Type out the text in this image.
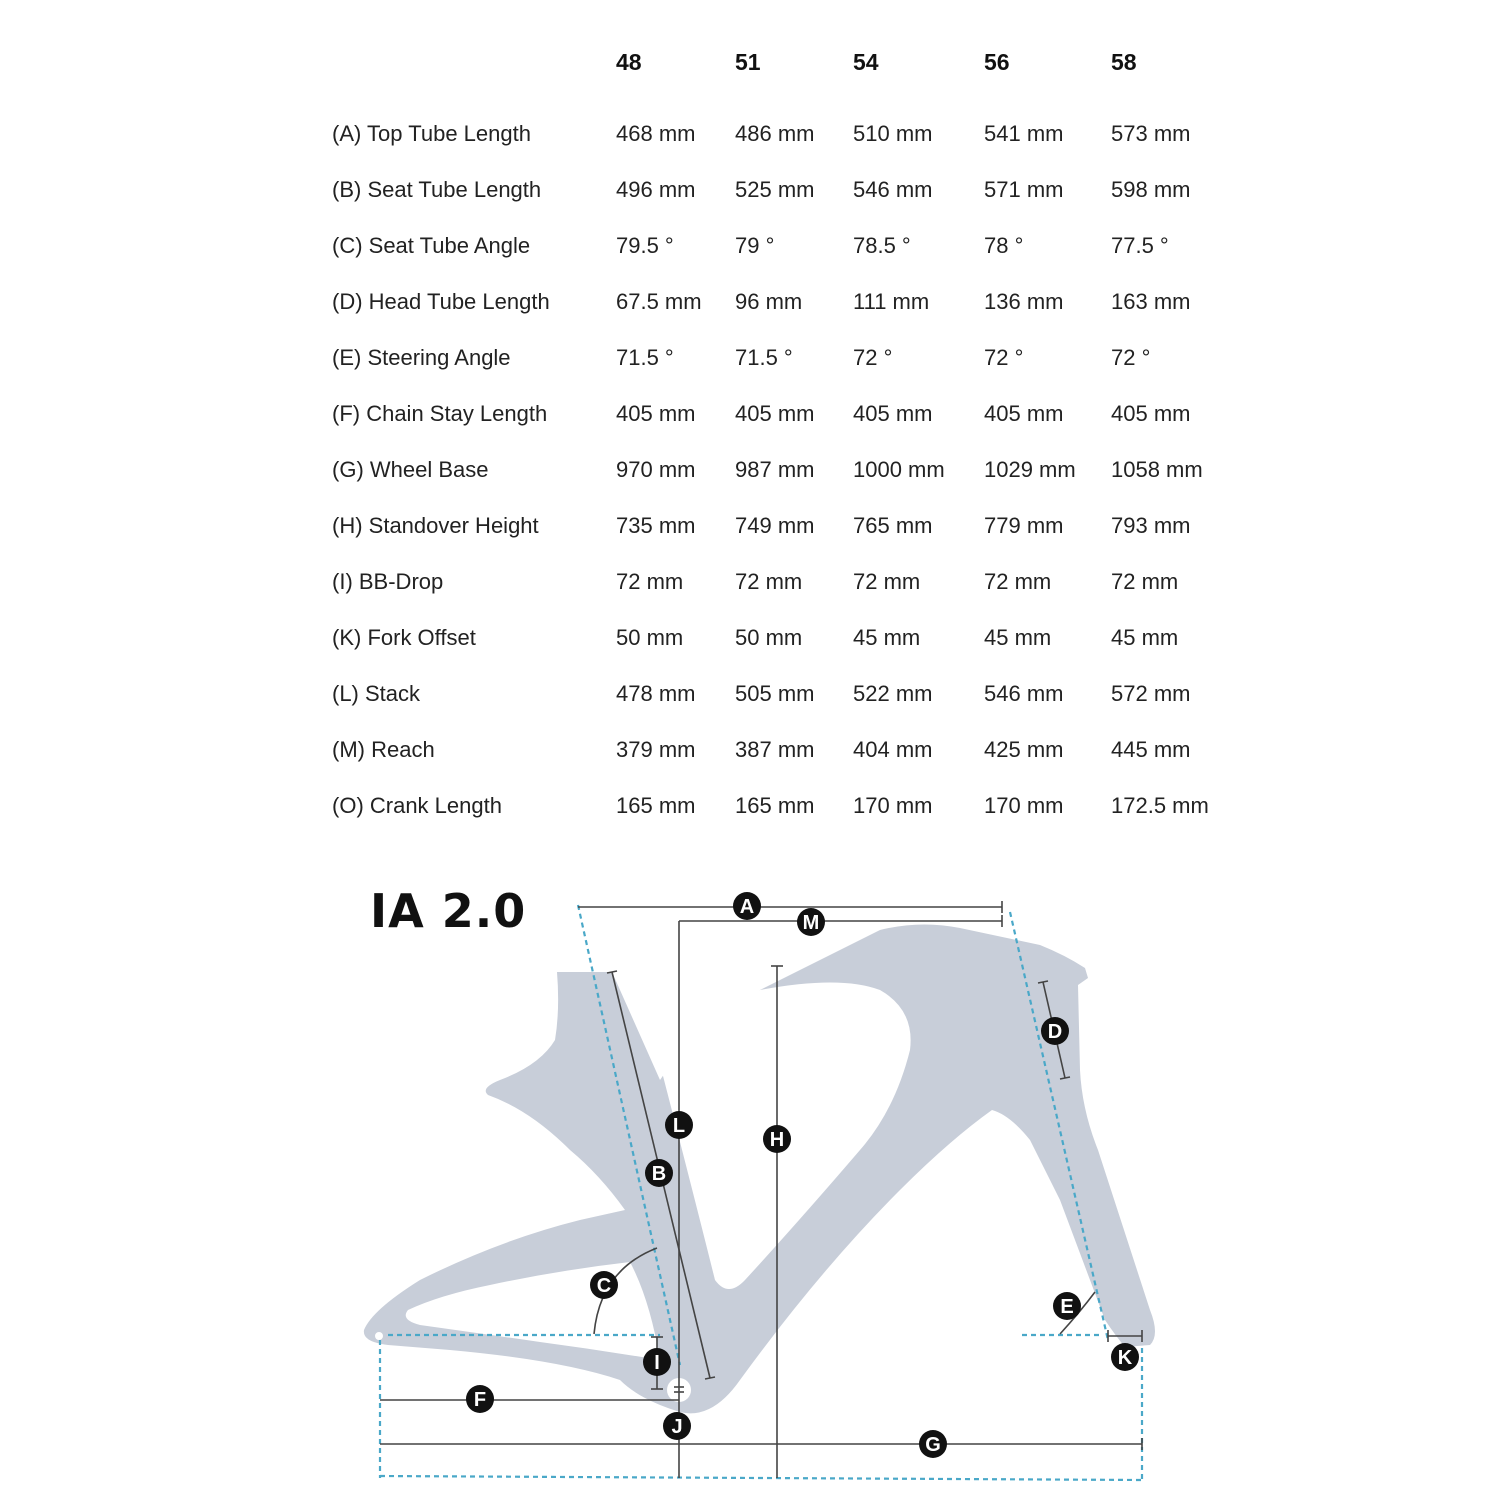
	48	51	54	56	58

(A) Top Tube Length	468 mm	486 mm	510 mm	541 mm	573 mm
(B) Seat Tube Length	496 mm	525 mm	546 mm	571 mm	598 mm
(C) Seat Tube Angle	79.5 °	79 °	78.5 °	78 °	77.5 °
(D) Head Tube Length	67.5 mm	96 mm	111 mm	136 mm	163 mm
(E) Steering Angle	71.5 °	71.5 °	72 °	72 °	72 °
(F) Chain Stay Length	405 mm	405 mm	405 mm	405 mm	405 mm
(G) Wheel Base	970 mm	987 mm	1000 mm	1029 mm	1058 mm
(H) Standover Height	735 mm	749 mm	765 mm	779 mm	793 mm
(I) BB-Drop	72 mm	72 mm	72 mm	72 mm	72 mm
(K) Fork Offset	50 mm	50 mm	45 mm	45 mm	45 mm
(L) Stack	478 mm	505 mm	522 mm	546 mm	572 mm
(M) Reach	379 mm	387 mm	404 mm	425 mm	445 mm
(O) Crank Length	165 mm	165 mm	170 mm	170 mm	172.5 mm
IA 2.0	A
M
D
L
H
B
C
E
K
I
F
J
G
